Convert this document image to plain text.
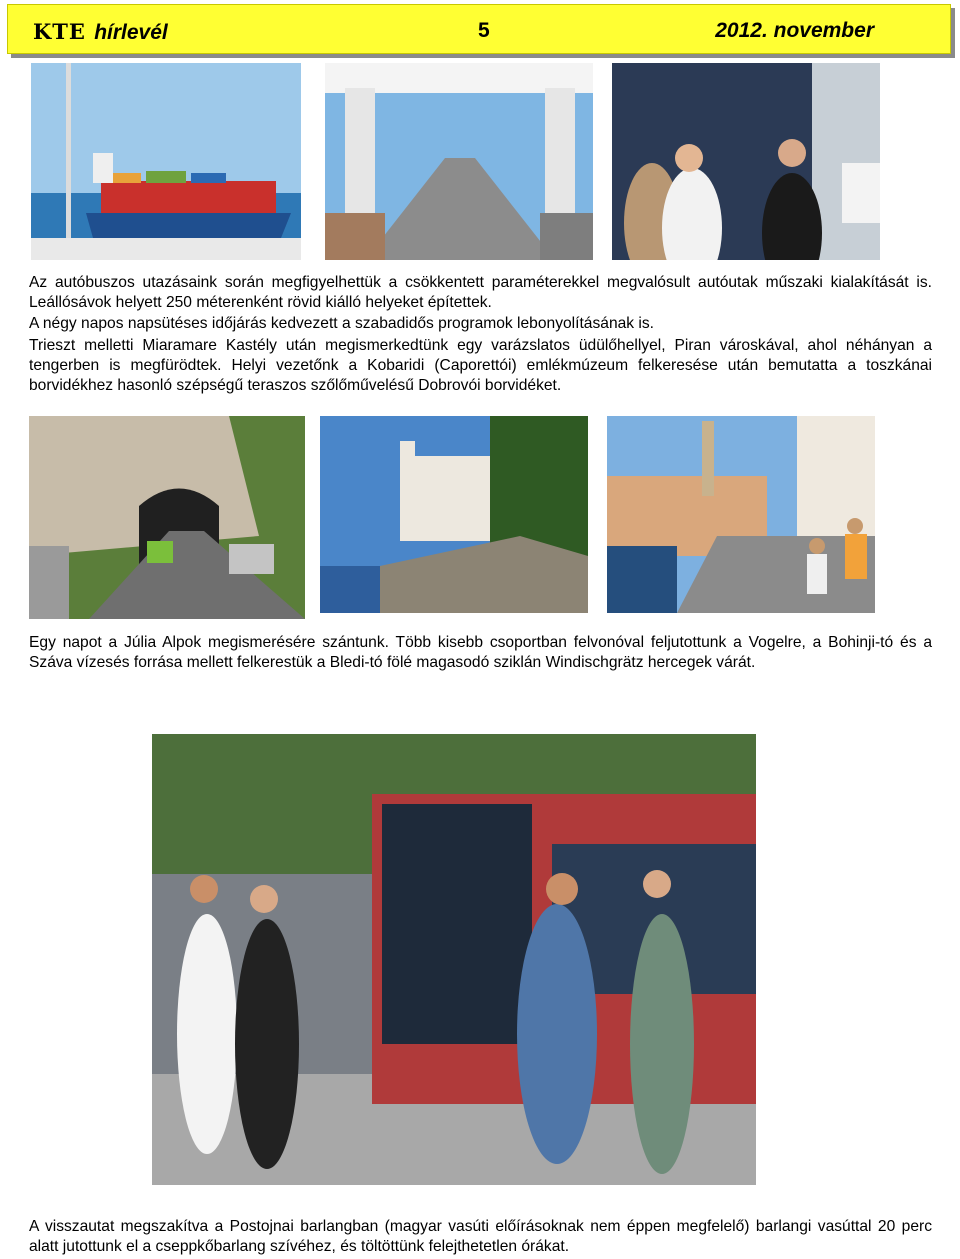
KTE hírlevél	5	2012. november

Az autóbuszos utazásaink során megfigyelhettük a csökkentett paraméterekkel megvalósult autóutak műszaki kialakítását is. Leállósávok helyett 250 méterenként rövid kiálló helyeket építettek.

A négy napos napsütéses időjárás kedvezett a szabadidős programok lebonyolításának is.

Trieszt melletti Miaramare Kastély után megismerkedtünk egy varázslatos üdülőhellyel, Piran városkával, ahol néhányan a tengerben is megfürödtek. Helyi vezetőnk a Kobaridi (Caporettói) emlékmúzeum felkeresése után bemutatta a toszkánai borvidékhez hasonló szépségű teraszos szőlőművelésű Dobrovói borvidéket.

Egy napot a Júlia Alpok megismerésére szántunk. Több kisebb csoportban felvonóval feljutottunk a Vogelre, a Bohinji-tó és a Száva vízesés forrása mellett felkerestük a Bledi-tó fölé magasodó sziklán Windischgrätz hercegek várát.

A visszautat megszakítva a Postojnai barlangban (magyar vasúti előírásoknak nem éppen megfelelő) barlangi vasúttal 20 perc alatt jutottunk el a cseppkőbarlang szívéhez, és töltöttünk felejthetetlen órákat.
